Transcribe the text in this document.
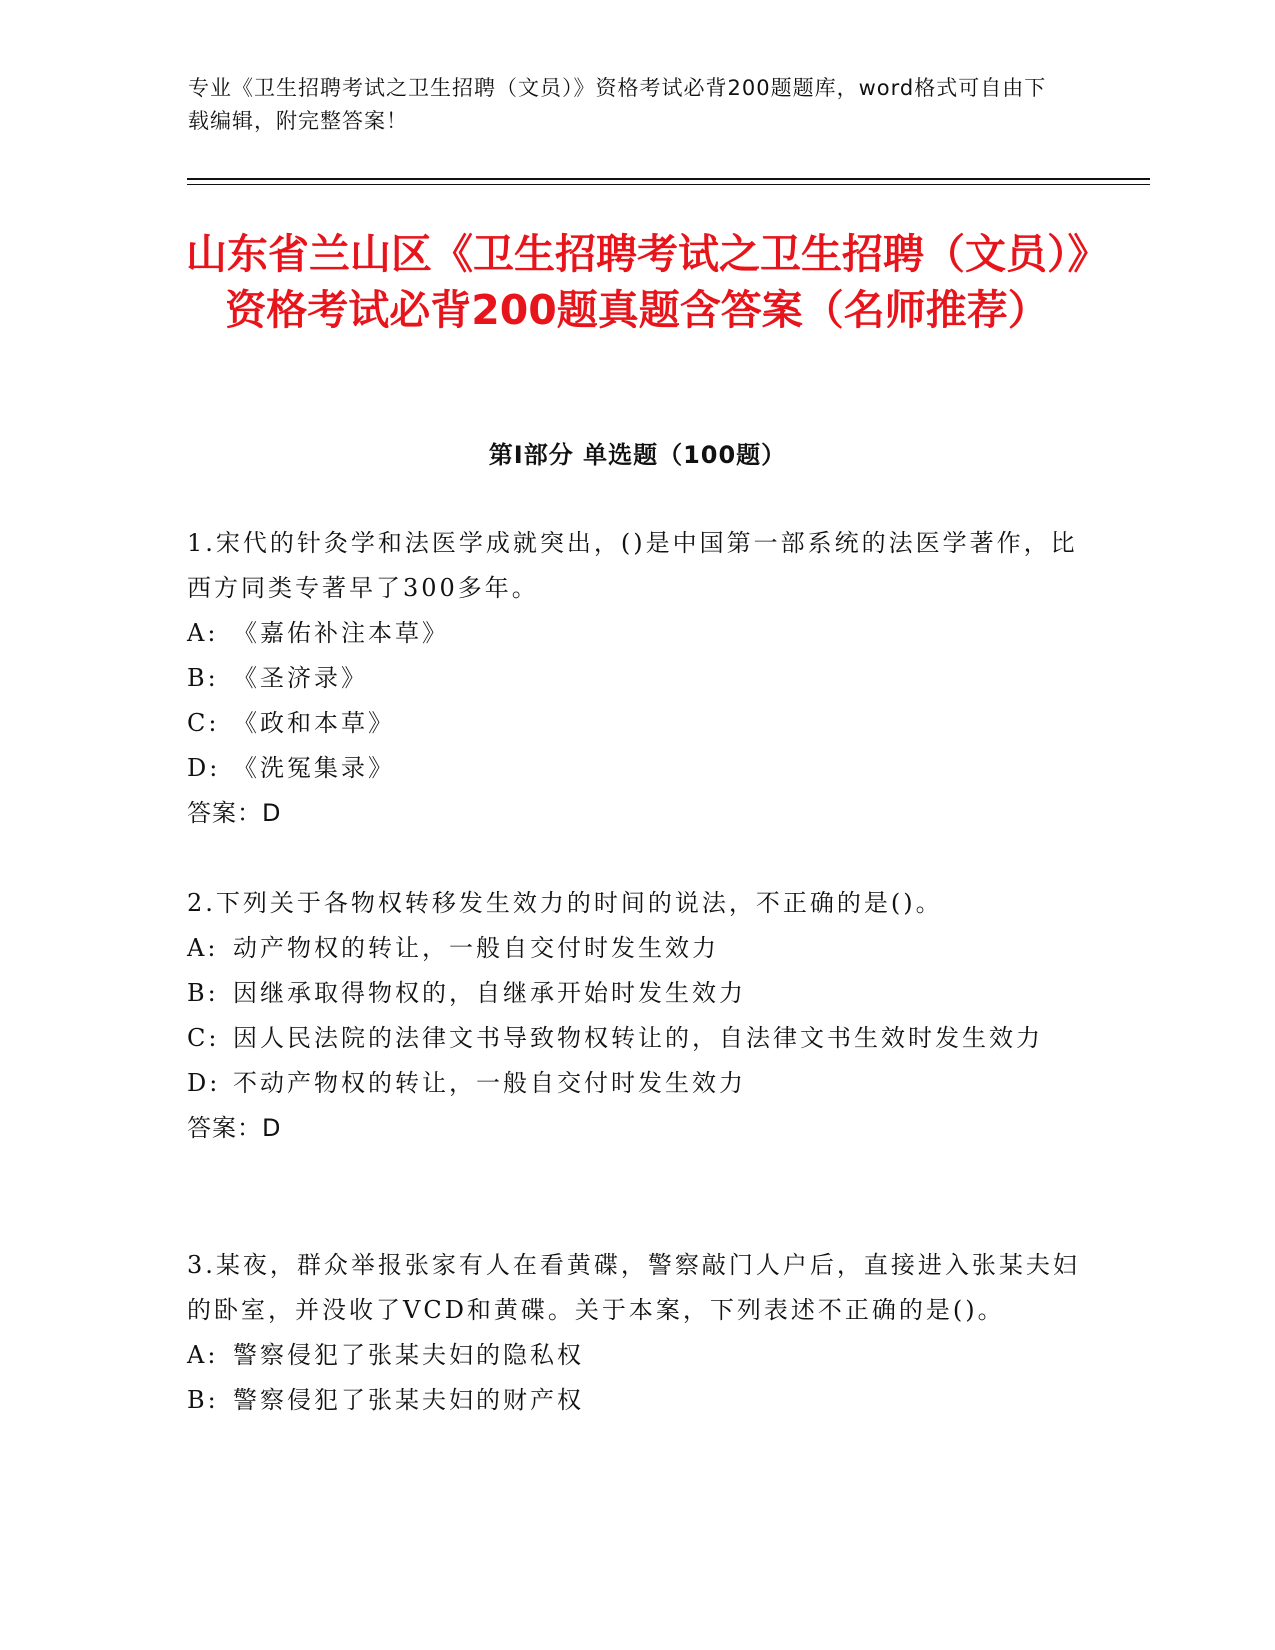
专业《卫生招聘考试之卫生招聘（文员）》资格考试必背200题题库，word格式可自由下载编辑，附完整答案！
山东省兰山区《卫生招聘考试之卫生招聘（文员）》资格考试必背200题真题含答案（名师推荐）
第I部分 单选题（100题）

1.宋代的针灸学和法医学成就突出，()是中国第一部系统的法医学著作，比西方同类专著早了300多年。

A: 《嘉佑补注本草》

B: 《圣济录》

C: 《政和本草》

D: 《洗冤集录》

答案：D

2.下列关于各物权转移发生效力的时间的说法，不正确的是()。

A: 动产物权的转让，一般自交付时发生效力

B: 因继承取得物权的，自继承开始时发生效力

C: 因人民法院的法律文书导致物权转让的，自法律文书生效时发生效力

D: 不动产物权的转让，一般自交付时发生效力

答案：D

3.某夜，群众举报张家有人在看黄碟，警察敲门人户后，直接进入张某夫妇的卧室，并没收了VCD和黄碟。关于本案，下列表述不正确的是()。

A: 警察侵犯了张某夫妇的隐私权

B: 警察侵犯了张某夫妇的财产权
